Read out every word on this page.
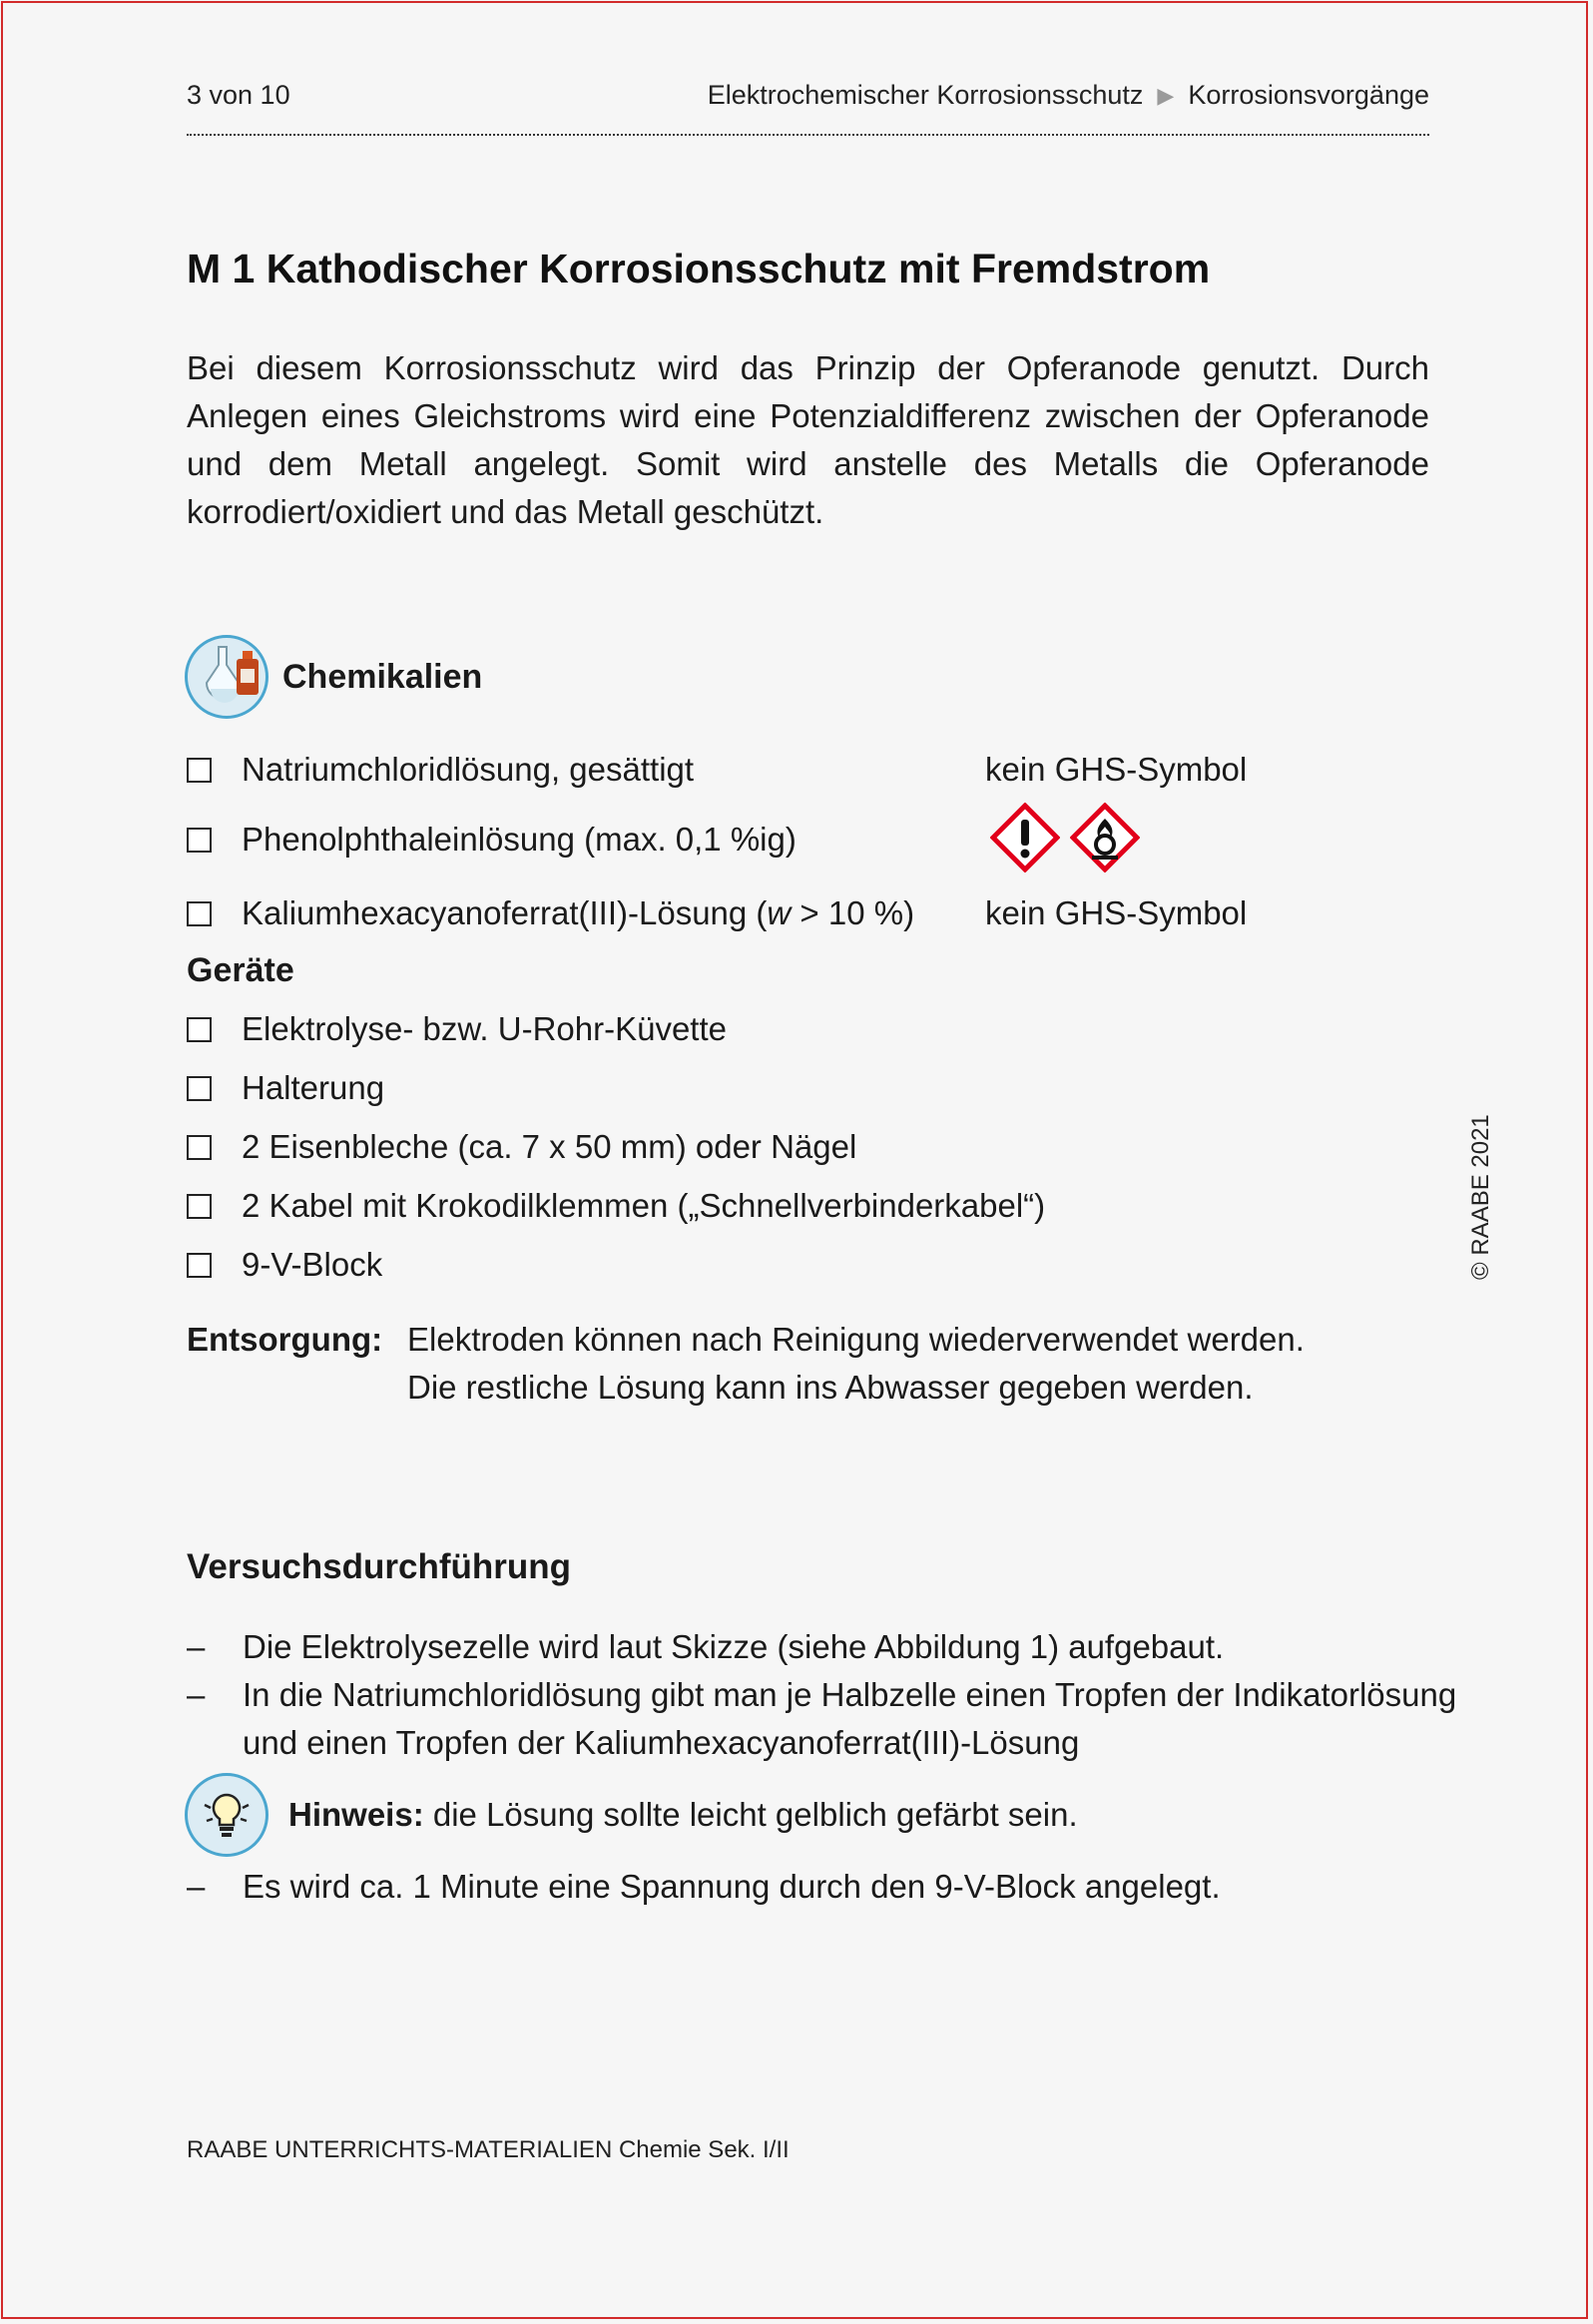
3 von 10	Elektrochemischer Korrosionsschutz ▶ Korrosionsvorgänge
M 1 Kathodischer Korrosionsschutz mit Fremdstrom
Bei diesem Korrosionsschutz wird das Prinzip der Opferanode genutzt. Durch Anlegen eines Gleichstroms wird eine Potenzialdifferenz zwischen der Opferanode und dem Metall angelegt. Somit wird anstelle des Metalls die Opferanode korrodiert/oxidiert und das Metall geschützt.
Chemikalien
Natriumchloridlösung, gesättigt	kein GHS-Symbol
Phenolphthaleinlösung (max. 0,1 %ig)
Kaliumhexacyanoferrat(III)-Lösung (w > 10 %) kein GHS-Symbol
Geräte
Elektrolyse- bzw. U-Rohr-Küvette
Halterung
2 Eisenbleche (ca. 7 x 50 mm) oder Nägel
2 Kabel mit Krokodilklemmen („Schnellverbinderkabel“)
9-V-Block
Entsorgung: Elektroden können nach Reinigung wiederverwendet werden.
Die restliche Lösung kann ins Abwasser gegeben werden.
Versuchsdurchführung
– Die Elektrolysezelle wird laut Skizze (siehe Abbildung 1) aufgebaut.
– In die Natriumchloridlösung gibt man je Halbzelle einen Tropfen der Indikatorlösung und einen Tropfen der Kaliumhexacyanoferrat(III)-Lösung
Hinweis: die Lösung sollte leicht gelblich gefärbt sein.
– Es wird ca. 1 Minute eine Spannung durch den 9-V-Block angelegt.
RAABE UNTERRICHTS-MATERIALIEN Chemie Sek. I/II
© RAABE 2021
